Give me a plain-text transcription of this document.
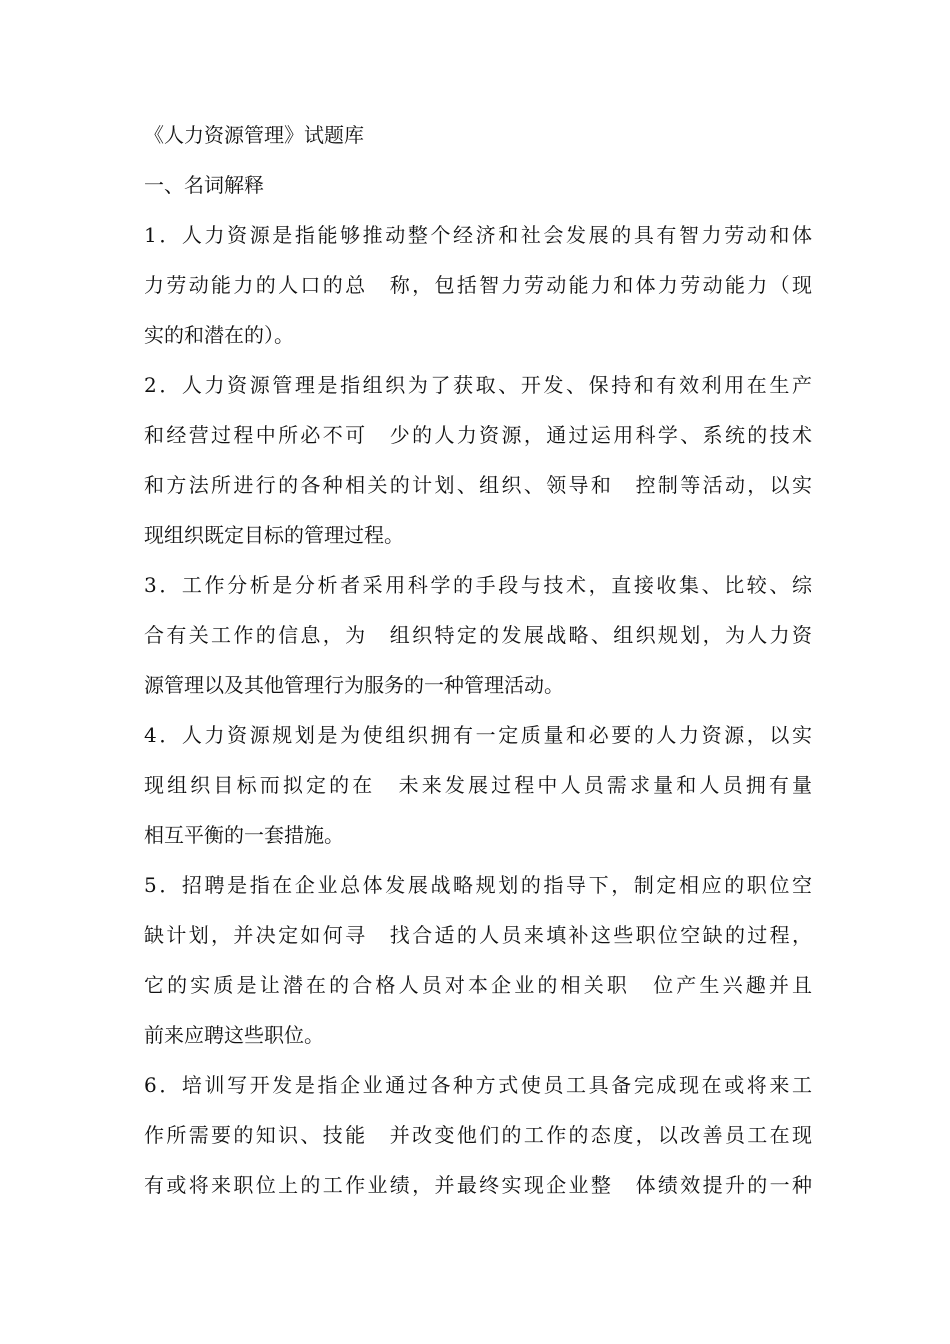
《人力资源管理》试题库
一、名词解释
1．人力资源是指能够推动整个经济和社会发展的具有智力劳动和体
力劳动能力的人口的总　称，包括智力劳动能力和体力劳动能力（现
实的和潜在的）。
2．人力资源管理是指组织为了获取、开发、保持和有效利用在生产
和经营过程中所必不可　少的人力资源，通过运用科学、系统的技术
和方法所进行的各种相关的计划、组织、领导和　控制等活动，以实
现组织既定目标的管理过程。
3．工作分析是分析者采用科学的手段与技术，直接收集、比较、综
合有关工作的信息，为　组织特定的发展战略、组织规划，为人力资
源管理以及其他管理行为服务的一种管理活动。
4．人力资源规划是为使组织拥有一定质量和必要的人力资源，以实
现组织目标而拟定的在　未来发展过程中人员需求量和人员拥有量
相互平衡的一套措施。
5．招聘是指在企业总体发展战略规划的指导下，制定相应的职位空
缺计划，并决定如何寻　找合适的人员来填补这些职位空缺的过程，
它的实质是让潜在的合格人员对本企业的相关职　位产生兴趣并且
前来应聘这些职位。
6．培训写开发是指企业通过各种方式使员工具备完成现在或将来工
作所需要的知识、技能　并改变他们的工作的态度，以改善员工在现
有或将来职位上的工作业绩，并最终实现企业整　体绩效提升的一种
